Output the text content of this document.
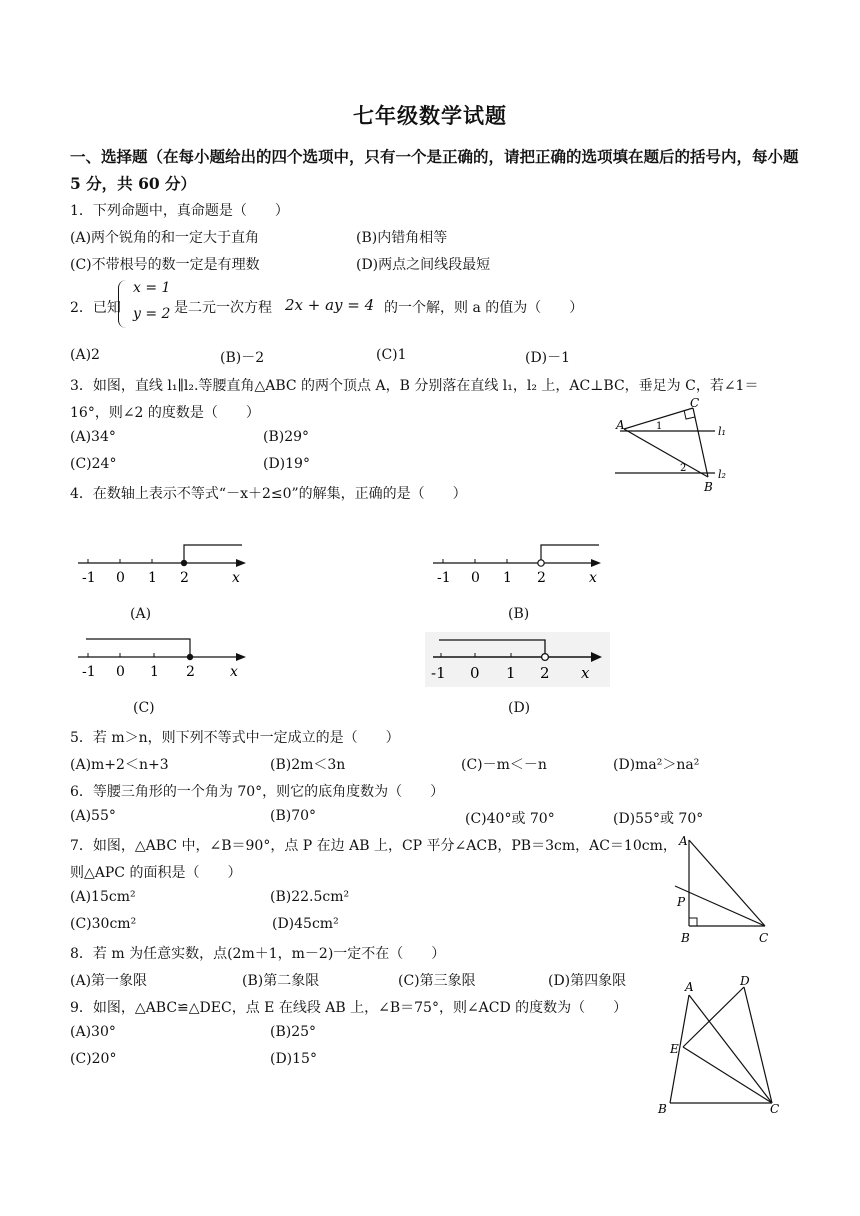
七年级数学试题
一、选择题（在每小题给出的四个选项中，只有一个是正确的，请把正确的选项填在题后的括号内，每小题 5 分，共 60 分）
1．下列命题中，真命题是（　　）
(A)两个锐角的和一定大于直角	(B)内错角相等
(C)不带根号的数一定是有理数	(D)两点之间线段最短
2．已知
x = 1
y = 2 是二元一次方程 2x + ay = 4 的一个解，则 a 的值为（　　）
(A)2	(B)－2	(C)1	(D)－1
3．如图，直线 l₁∥l₂.等腰直角△ABC 的两个顶点 A，B 分别落在直线 l₁，l₂ 上，AC⊥BC，垂足为 C，若∠1＝
16°，则∠2 的度数是（　　）
(A)34°	(B)29°
(C)24°	(D)19°
A
C
B
l₁
l₂
1
2
4．在数轴上表示不等式“－x＋2≤0”的解集，正确的是（　　）
-1 0 1 2	x
(A)
-1 0 1 2	x
(B)
-1 0 1 2	x
(C)
-1 0 1 2 x
(D)
5．若 m＞n，则下列不等式中一定成立的是（　　）
(A)m+2＜n+3	(B)2m＜3n	(C)－m＜－n	(D)ma²＞na²
6．等腰三角形的一个角为 70°，则它的底角度数为（　　）
(A)55°	(B)70°	(C)40°或 70°	(D)55°或 70°
7．如图，△ABC 中，∠B＝90°，点 P 在边 AB 上，CP 平分∠ACB，PB＝3cm，AC＝10cm，
则△APC 的面积是（　　）
(A)15cm²	(B)22.5cm²
(C)30cm²	(D)45cm²
A
P
B	C
8．若 m 为任意实数，点(2m＋1，m－2)一定不在（　　）
(A)第一象限	(B)第二象限	(C)第三象限	(D)第四象限
9．如图，△ABC≌△DEC，点 E 在线段 AB 上，∠B＝75°，则∠ACD 的度数为（　　）
(A)30°	(B)25°
(C)20°	(D)15°
D
A
E
B	C
